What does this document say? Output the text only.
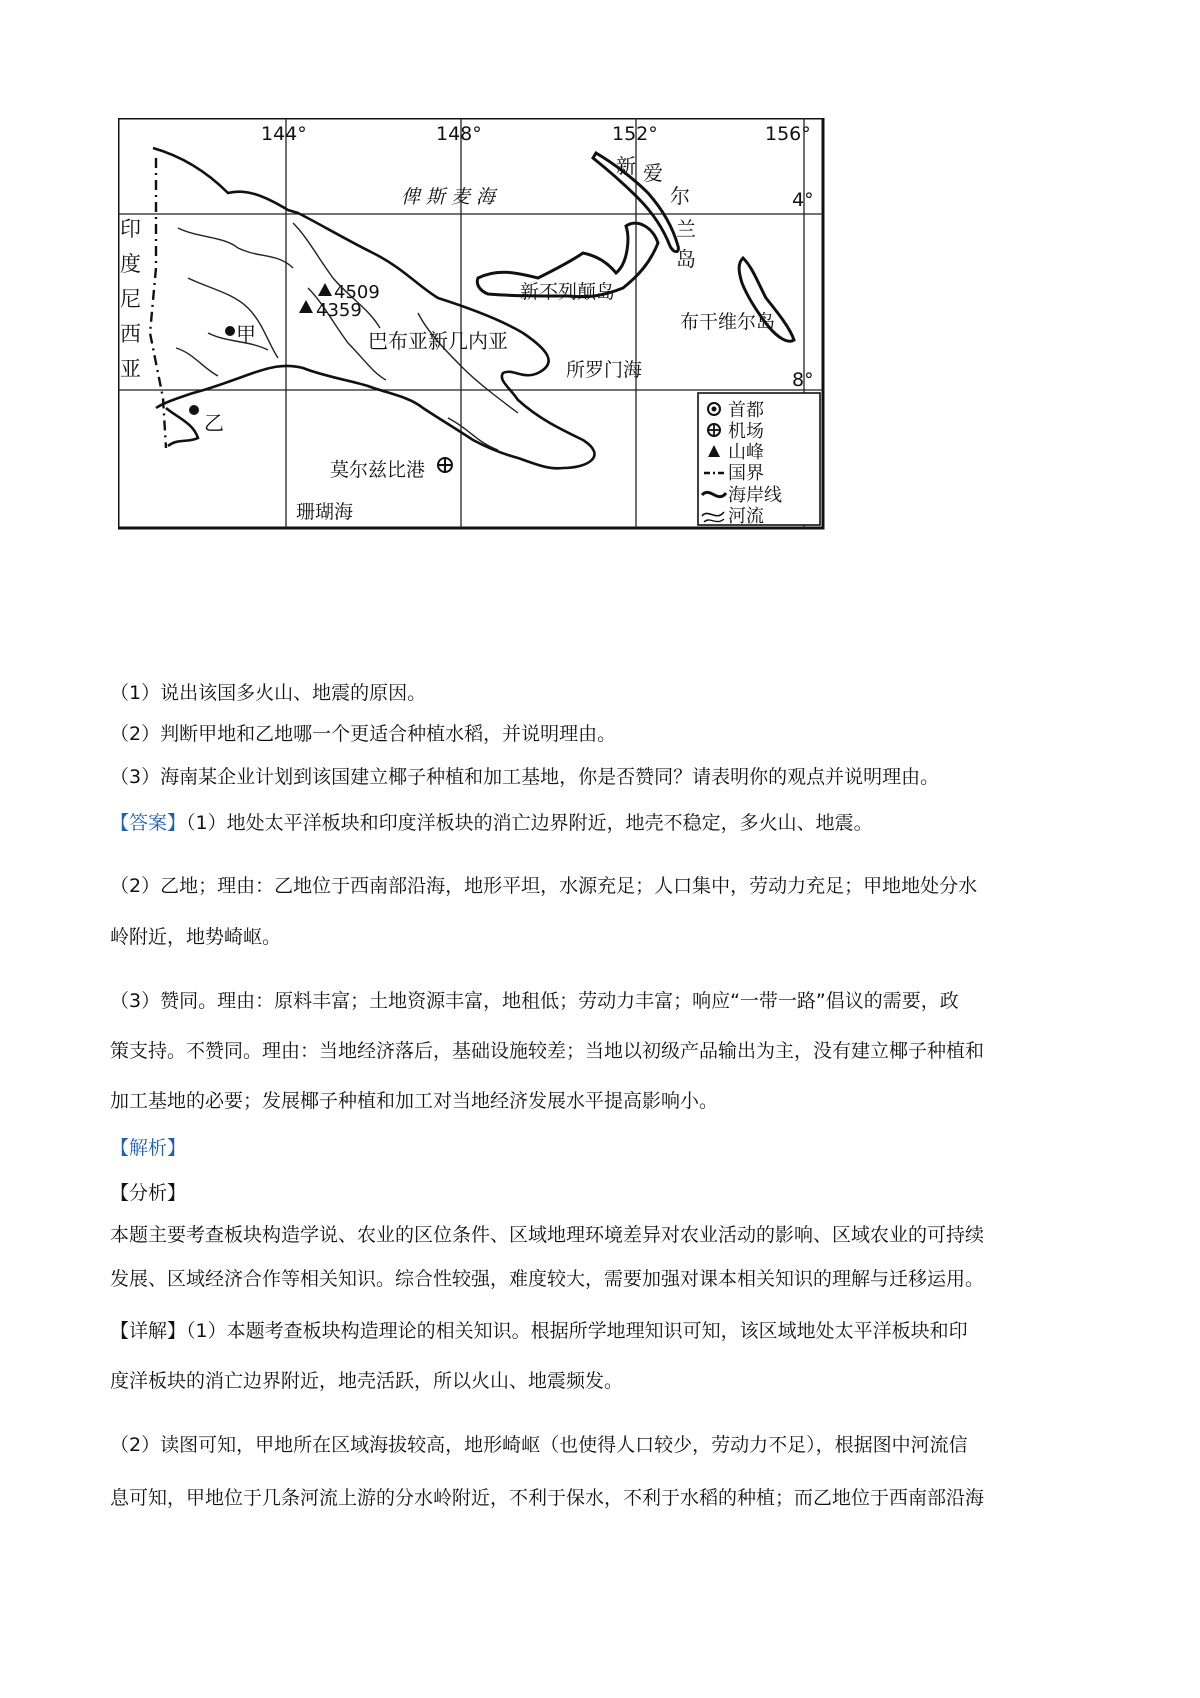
144°	148°	152°	156°
4°
8°
4509
4359
甲
乙
俾斯麦海
新不列颠岛
布干维尔岛
巴布亚新几内亚
所罗门海
莫尔兹比港
珊瑚海
新 爱
尔
兰
岛
印
度
尼
西
亚
首都
机场
山峰
国界
海岸线
河流

（1）说出该国多火山、地震的原因。

（2）判断甲地和乙地哪一个更适合种植水稻，并说明理由。

（3）海南某企业计划到该国建立椰子种植和加工基地，你是否赞同？请表明你的观点并说明理由。

【答案】（1）地处太平洋板块和印度洋板块的消亡边界附近，地壳不稳定，多火山、地震。

（2）乙地；理由：乙地位于西南部沿海，地形平坦，水源充足；人口集中，劳动力充足；甲地地处分水

岭附近，地势崎岖。

（3）赞同。理由：原料丰富；土地资源丰富，地租低；劳动力丰富；响应“一带一路”倡议的需要，政

策支持。不赞同。理由：当地经济落后，基础设施较差；当地以初级产品输出为主，没有建立椰子种植和

加工基地的必要；发展椰子种植和加工对当地经济发展水平提高影响小。

【解析】

【分析】

本题主要考查板块构造学说、农业的区位条件、区域地理环境差异对农业活动的影响、区域农业的可持续

发展、区域经济合作等相关知识。综合性较强，难度较大，需要加强对课本相关知识的理解与迁移运用。

【详解】（1）本题考查板块构造理论的相关知识。根据所学地理知识可知，该区域地处太平洋板块和印

度洋板块的消亡边界附近，地壳活跃，所以火山、地震频发。

（2）读图可知，甲地所在区域海拔较高，地形崎岖（也使得人口较少，劳动力不足），根据图中河流信

息可知，甲地位于几条河流上游的分水岭附近，不利于保水，不利于水稻的种植；而乙地位于西南部沿海
